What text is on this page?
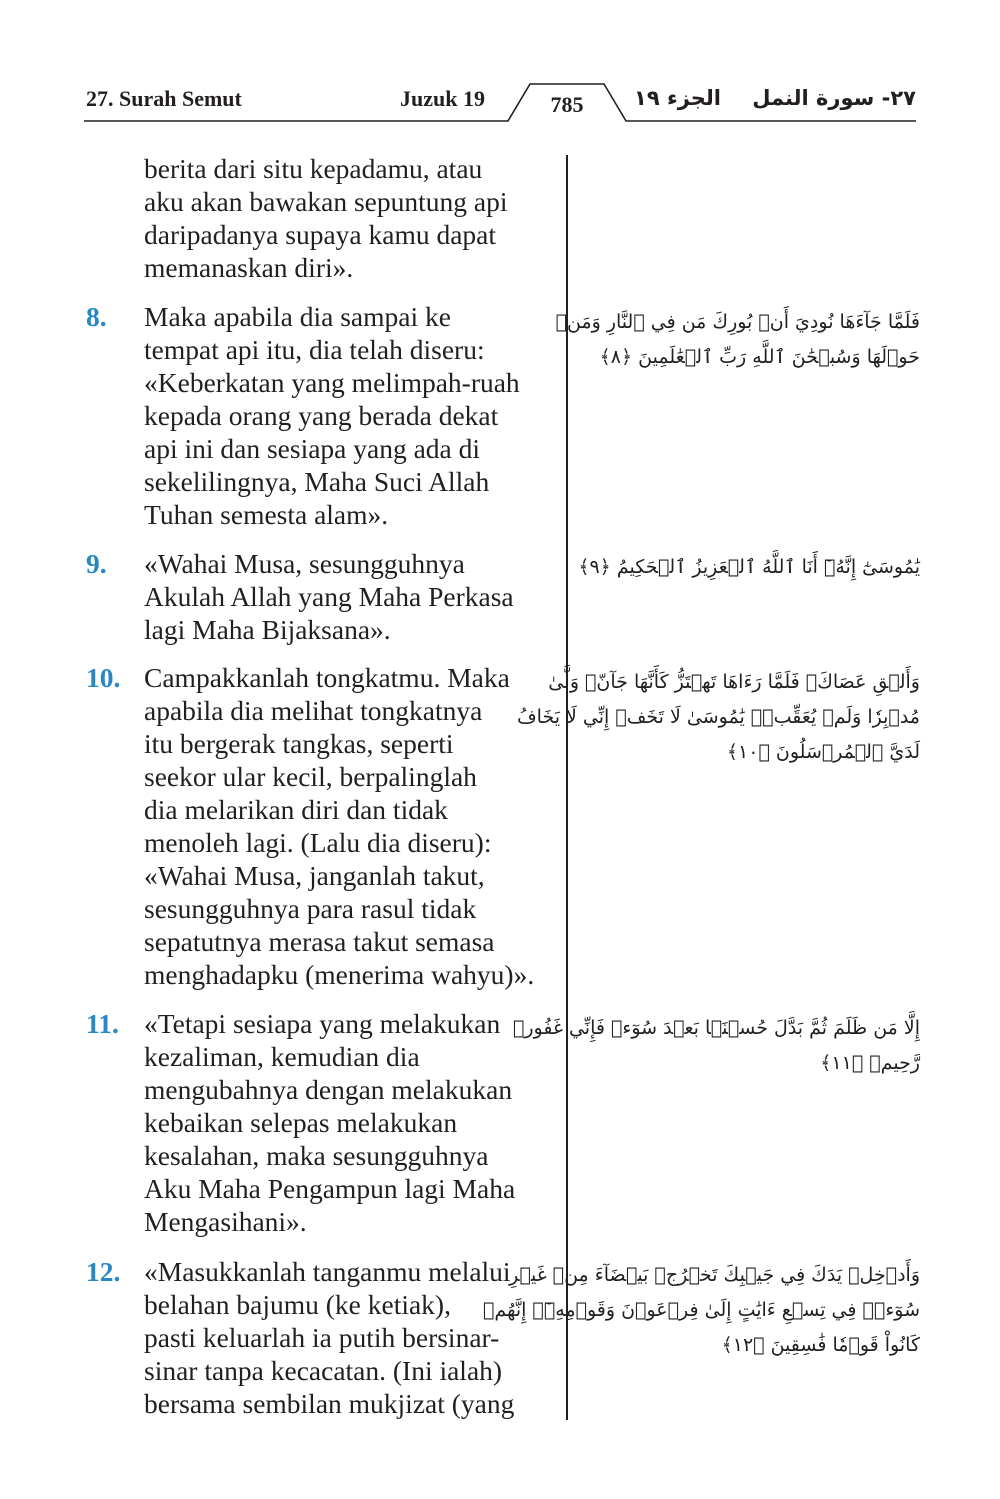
27. Surah Semut	Juzuk 19	785	الجزء ١٩ ٢٧- سورة النمل
berita dari situ kepadamu, atau
aku akan bawakan sepuntung api
daripadanya supaya kamu dapat
memanaskan diri».
8. Maka apabila dia sampai ke
tempat api itu, dia telah diseru:
«Keberkatan yang melimpah-ruah
kepada orang yang berada dekat
api ini dan sesiapa yang ada di
sekelilingnya, Maha Suci Allah
Tuhan semesta alam».
فَلَمَّا جَآءَهَا نُودِيَ أَنۢ بُورِكَ مَن فِي ٱلنَّارِ وَمَنۡ
حَوۡلَهَا وَسُبۡحَٰنَ ٱللَّهِ رَبِّ ٱلۡعَٰلَمِينَ ﴿٨﴾
9. «Wahai Musa, sesungguhnya
Akulah Allah yang Maha Perkasa
lagi Maha Bijaksana».
يَٰمُوسَىٰٓ إِنَّهُۥٓ أَنَا ٱللَّهُ ٱلۡعَزِيزُ ٱلۡحَكِيمُ ﴿٩﴾
10. Campakkanlah tongkatmu. Maka
apabila dia melihat tongkatnya
itu bergerak tangkas, seperti
seekor ular kecil, berpalinglah
dia melarikan diri dan tidak
menoleh lagi. (Lalu dia diseru):
«Wahai Musa, janganlah takut,
sesungguhnya para rasul tidak
sepatutnya merasa takut semasa
menghadapku (menerima wahyu)».
وَأَلۡقِ عَصَاكَۚ فَلَمَّا رَءَاهَا تَهۡتَزُّ كَأَنَّهَا جَآنّٞ وَلَّىٰ
مُدۡبِرٗا وَلَمۡ يُعَقِّبۡۚ يَٰمُوسَىٰ لَا تَخَفۡ إِنِّي لَا يَخَافُ
لَدَيَّ ٱلۡمُرۡسَلُونَ ﴿١٠﴾
11. «Tetapi sesiapa yang melakukan
kezaliman, kemudian dia
mengubahnya dengan melakukan
kebaikan selepas melakukan
kesalahan, maka sesungguhnya
Aku Maha Pengampun lagi Maha
Mengasihani».
إِلَّا مَن ظَلَمَ ثُمَّ بَدَّلَ حُسۡنَۢا بَعۡدَ سُوٓءٖ فَإِنِّي غَفُورٞ
رَّحِيمٞ ﴿١١﴾
12. «Masukkanlah tanganmu melalui
belahan bajumu (ke ketiak),
pasti keluarlah ia putih bersinar-
sinar tanpa kecacatan. (Ini ialah)
bersama sembilan mukjizat (yang
وَأَدۡخِلۡ يَدَكَ فِي جَيۡبِكَ تَخۡرُجۡ بَيۡضَآءَ مِنۡ غَيۡرِ
سُوٓءٖۖ فِي تِسۡعِ ءَايَٰتٍ إِلَىٰ فِرۡعَوۡنَ وَقَوۡمِهِۦٓۚ إِنَّهُمۡ
كَانُواْ قَوۡمٗا فَٰسِقِينَ ﴿١٢﴾
